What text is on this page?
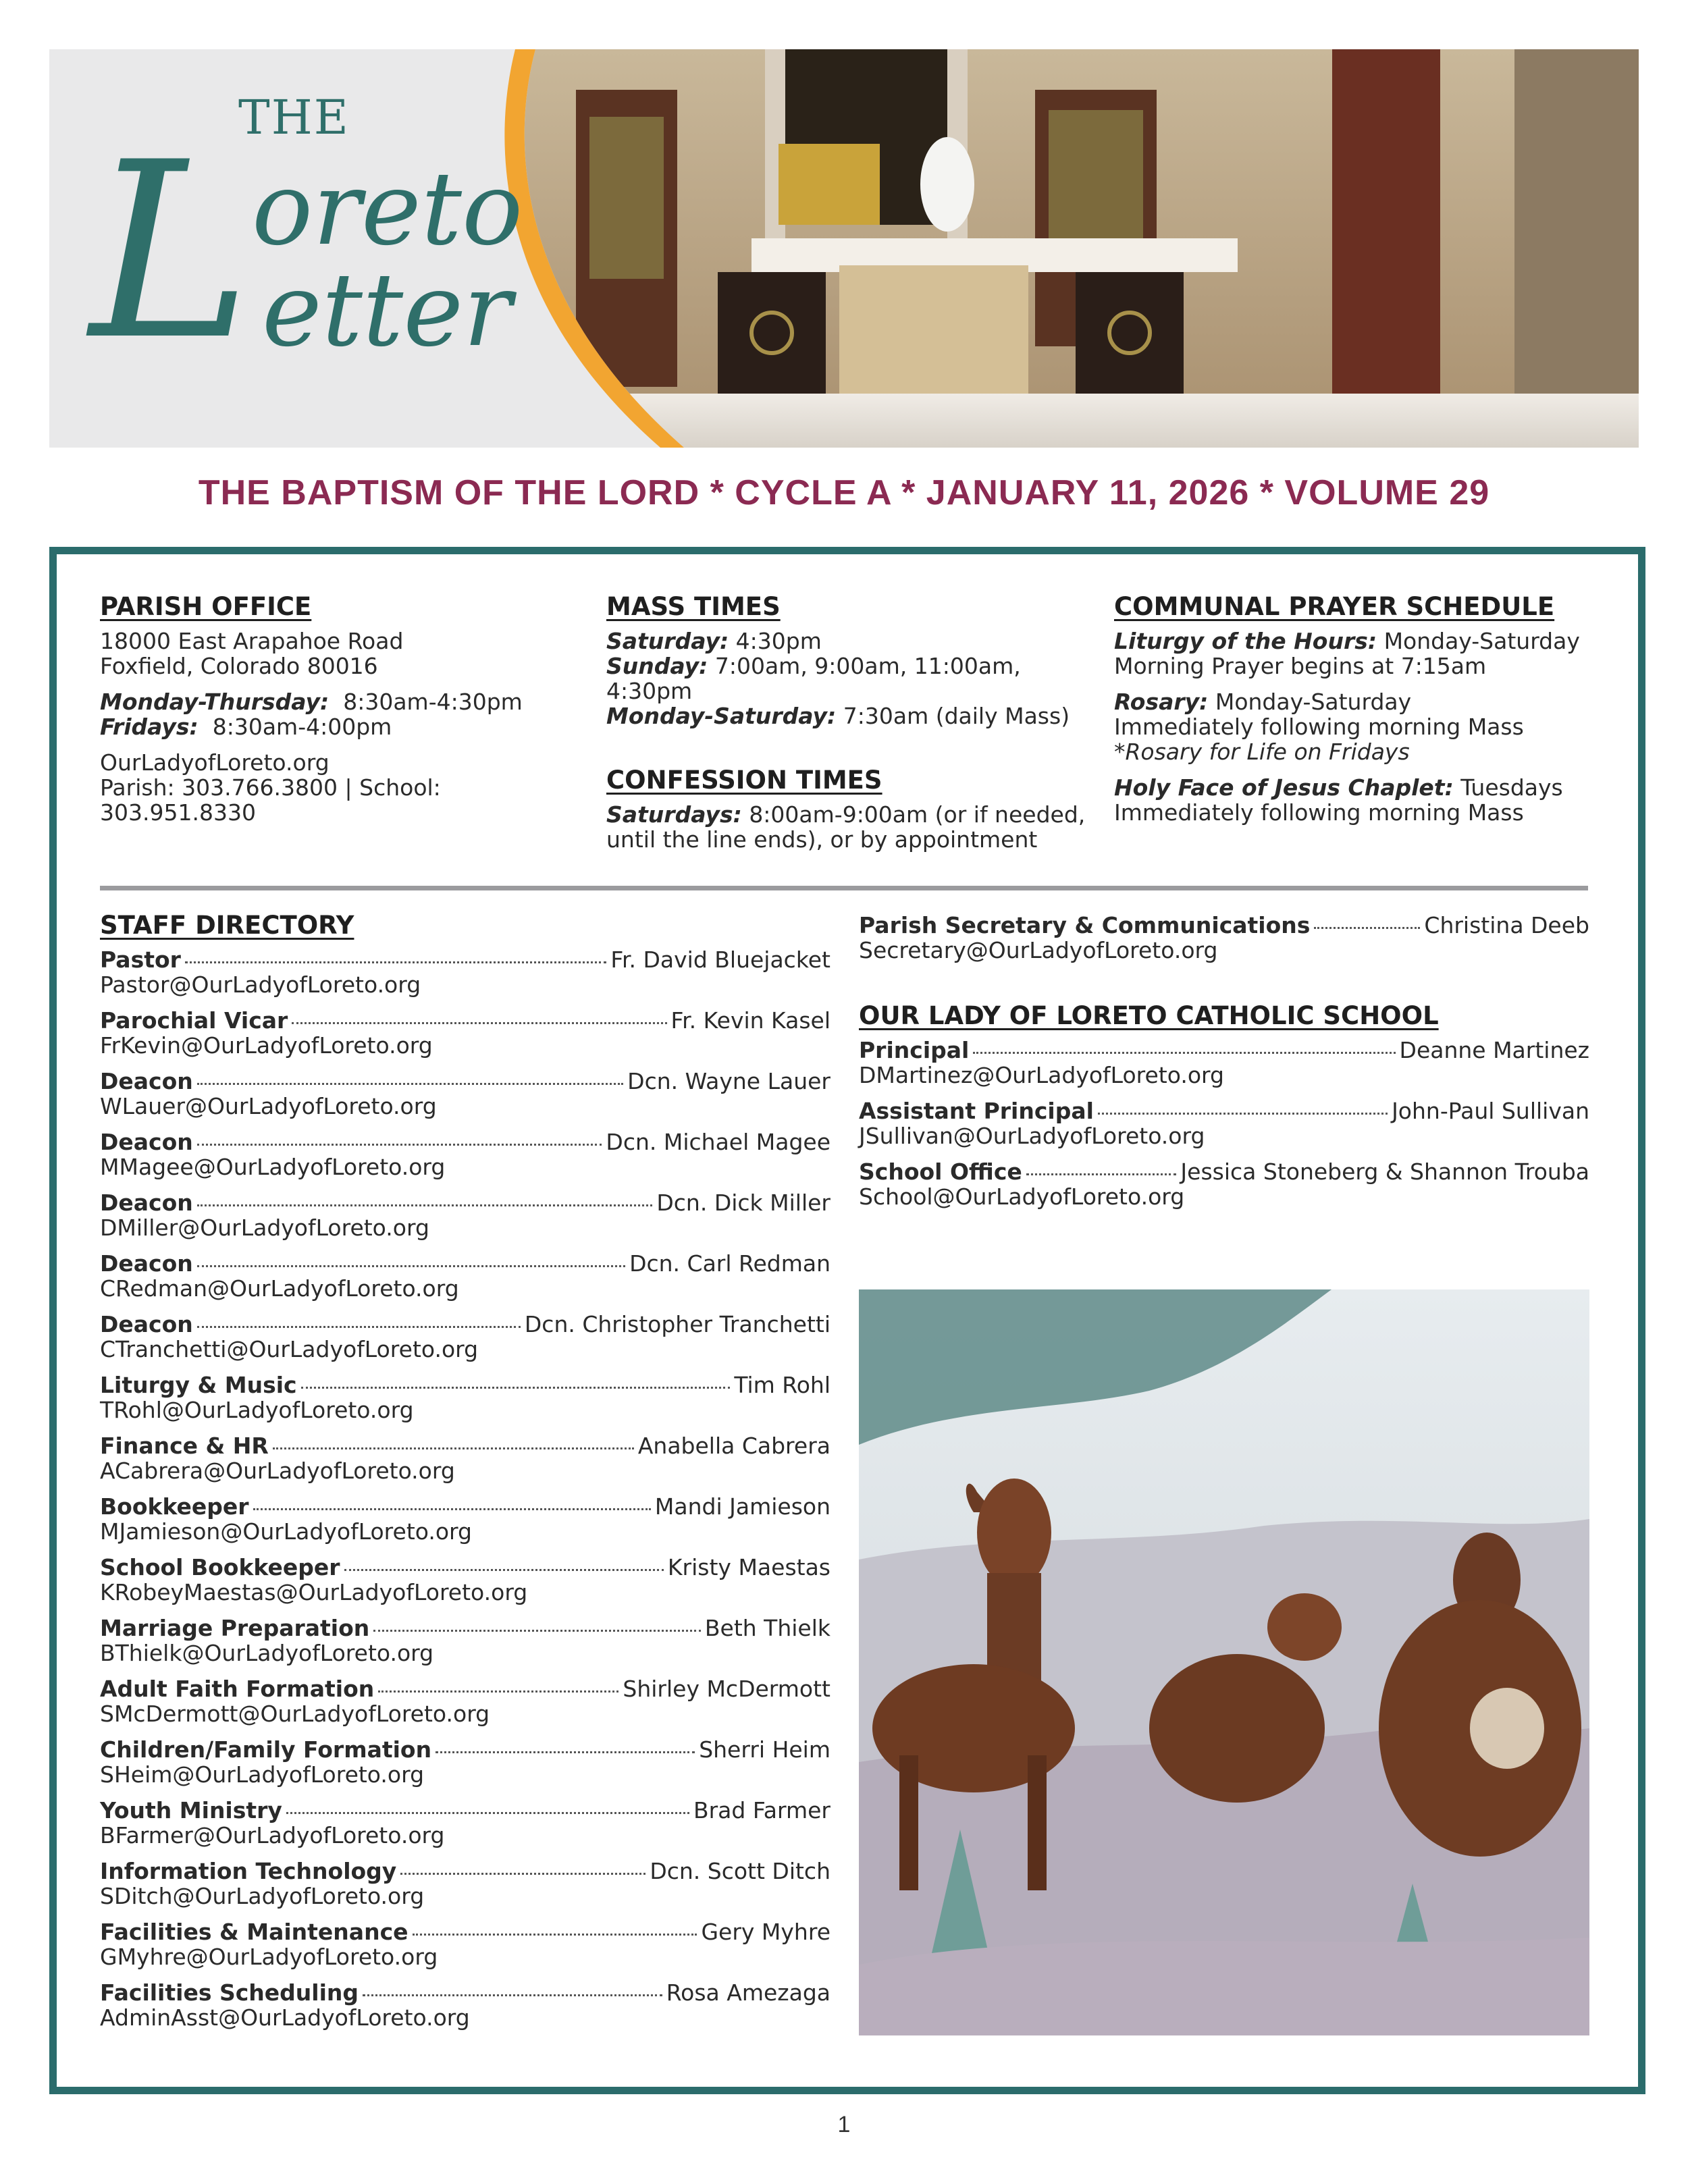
THE
L oreto
etter
THE BAPTISM OF THE LORD * CYCLE A * JANUARY 11, 2026 * VOLUME 29
PARISH OFFICE

18000 East Arapahoe Road

Foxfield, Colorado 80016

Monday-Thursday: 8:30am-4:30pm

Fridays: 8:30am-4:00pm

OurLadyofLoreto.org

Parish: 303.766.3800 | School: 303.951.8330

MASS TIMES

Saturday: 4:30pm

Sunday: 7:00am, 9:00am, 11:00am, 4:30pm

Monday-Saturday: 7:30am (daily Mass)

CONFESSION TIMES

Saturdays: 8:00am-9:00am (or if needed, until the line ends), or by appointment

COMMUNAL PRAYER SCHEDULE

Liturgy of the Hours: Monday-Saturday

Morning Prayer begins at 7:15am

Rosary: Monday-Saturday

Immediately following morning Mass

*Rosary for Life on Fridays

Holy Face of Jesus Chaplet: Tuesdays

Immediately following morning Mass

STAFF DIRECTORY
Pastor	Fr. David Bluejacket
Pastor@OurLadyofLoreto.org
Parochial Vicar	Fr. Kevin Kasel
FrKevin@OurLadyofLoreto.org
Deacon	Dcn. Wayne Lauer
WLauer@OurLadyofLoreto.org
Deacon	Dcn. Michael Magee
MMagee@OurLadyofLoreto.org
Deacon	Dcn. Dick Miller
DMiller@OurLadyofLoreto.org
Deacon	Dcn. Carl Redman
CRedman@OurLadyofLoreto.org
Deacon	Dcn. Christopher Tranchetti
CTranchetti@OurLadyofLoreto.org
Liturgy & Music	Tim Rohl
TRohl@OurLadyofLoreto.org
Finance & HR	Anabella Cabrera
ACabrera@OurLadyofLoreto.org
Bookkeeper	Mandi Jamieson
MJamieson@OurLadyofLoreto.org
School Bookkeeper	Kristy Maestas
KRobeyMaestas@OurLadyofLoreto.org
Marriage Preparation	Beth Thielk
BThielk@OurLadyofLoreto.org
Adult Faith Formation	Shirley McDermott
SMcDermott@OurLadyofLoreto.org
Children/Family Formation	Sherri Heim
SHeim@OurLadyofLoreto.org
Youth Ministry	Brad Farmer
BFarmer@OurLadyofLoreto.org
Information Technology	Dcn. Scott Ditch
SDitch@OurLadyofLoreto.org
Facilities & Maintenance	Gery Myhre
GMyhre@OurLadyofLoreto.org
Facilities Scheduling	Rosa Amezaga
AdminAsst@OurLadyofLoreto.org
Parish Secretary & Communications	Christina Deeb
Secretary@OurLadyofLoreto.org
OUR LADY OF LORETO CATHOLIC SCHOOL
Principal	Deanne Martinez
DMartinez@OurLadyofLoreto.org
Assistant Principal	John-Paul Sullivan
JSullivan@OurLadyofLoreto.org
School Office	Jessica Stoneberg & Shannon Trouba
School@OurLadyofLoreto.org
1
